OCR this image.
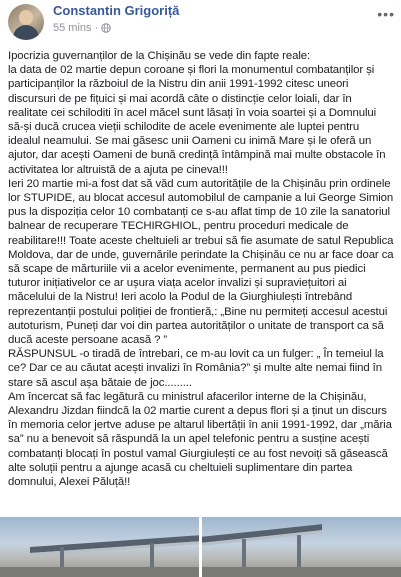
Constantin Grigoriță
55 mins ·
•••

Ipocrizia guvernanților de la Chișinău se vede din fapte reale:

la data de 02 martie depun coroane și flori la monumentul combatanților și participanților la războiul de la Nistru din anii 1991-1992 citesc uneori discursuri de pe fițuici și mai acordă câte o distincție celor loiali, dar în realitate cei schiloditi în acel măcel sunt lăsați în voia soartei și a Domnului să-și ducă crucea vieții schilodite de acele evenimente ale luptei pentru idealul neamului. Se mai găsesc unii Oameni cu inimă Mare și le oferă un ajutor, dar acești Oameni de bună credință întâmpină mai multe obstacole în activitatea lor altruistă de a ajuta pe cineva!!!

Ieri 20 martie mi-a fost dat să văd cum autoritățile de la Chișinău prin ordinele lor STUPIDE, au blocat accesul automobilul de campanie a lui George Simion pus la dispoziția celor 10 combatanți ce s-au aflat timp de 10 zile la sanatoriul balnear de recuperare TECHIRGHIOL, pentru proceduri medicale de reabilitare!!! Toate aceste cheltuieli ar trebui să fie asumate de satul Republica Moldova, dar de unde, guvernările perindate la Chișinău ce nu ar face doar ca să scape de mărturiile vii a acelor evenimente, permanent au pus piedici tuturor inițiativelor ce ar ușura viața acelor invalizi și supraviețuitori ai măcelului de la Nistru! Ieri acolo la Podul de la Giurghiulești întrebând reprezentanții postului poliției de frontieră,: „Bine nu permiteți accesul acestui autoturism, Puneți dar voi din partea autorităților o unitate de transport ca să ducă aceste persoane acasă ? ”

RĂSPUNSUL -o tiradă de întrebari, ce m-au lovit ca un fulger: „ În temeiul la ce? Dar ce au căutat acești invalizi în România?” și multe alte nemai fiind în stare să ascul așa bătaie de joc.........

Am încercat să fac legătură cu ministrul afacerilor interne de la Chișinău, Alexandru Jizdan fiindcă la 02 martie curent a depus flori și a ținut un discurs în memoria celor jertve aduse pe altarul libertății în anii 1991-1992, dar „măria sa” nu a benevoit să răspundă la un apel telefonic pentru a susține acești combatanți blocați în postul vamal Giurgiulești ce au fost nevoiți să găsească alte soluții pentru a ajunge acasă cu cheltuieli suplimentare din partea domnului, Alexei Păluță!!
